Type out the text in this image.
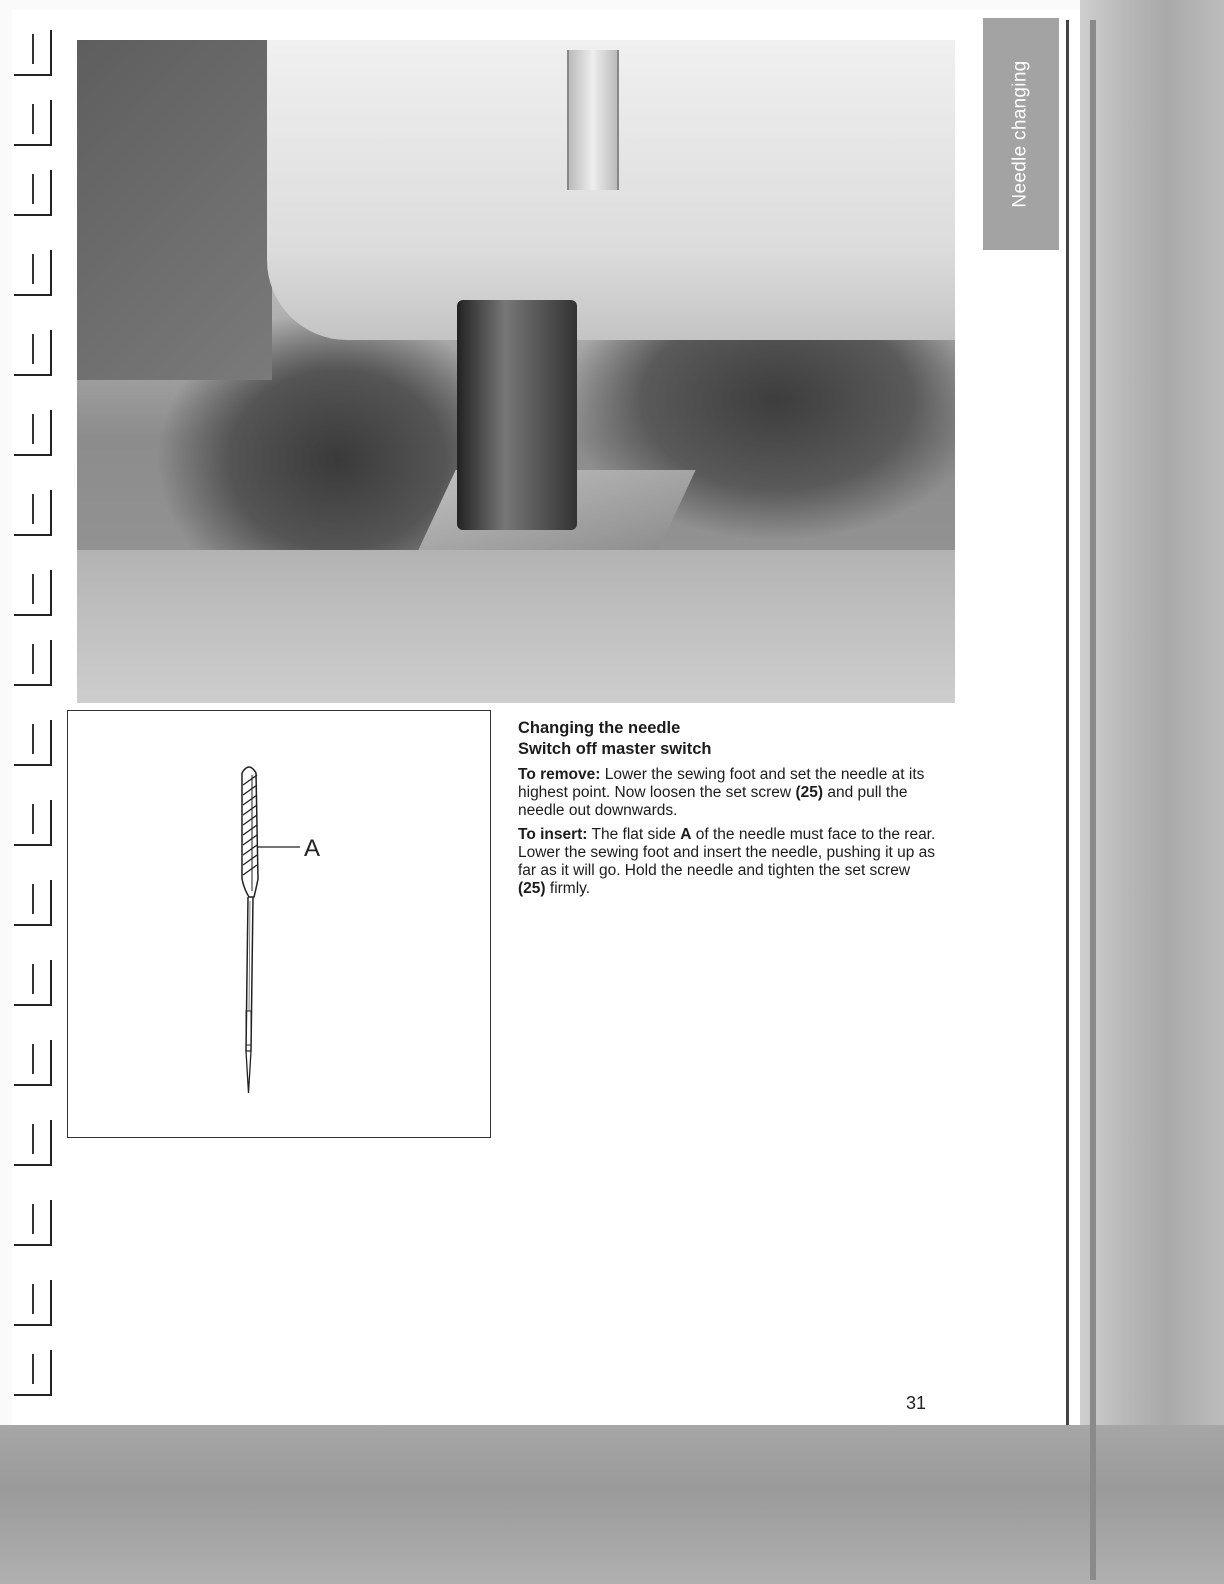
Needle changing
A

Changing the needle

Switch off master switch

To remove: Lower the sewing foot and set the needle at its highest point. Now loosen the set screw (25) and pull the needle out downwards.

To insert: The flat side A of the needle must face to the rear. Lower the sewing foot and insert the needle, pushing it up as far as it will go. Hold the needle and tighten the set screw (25) firmly.

31
